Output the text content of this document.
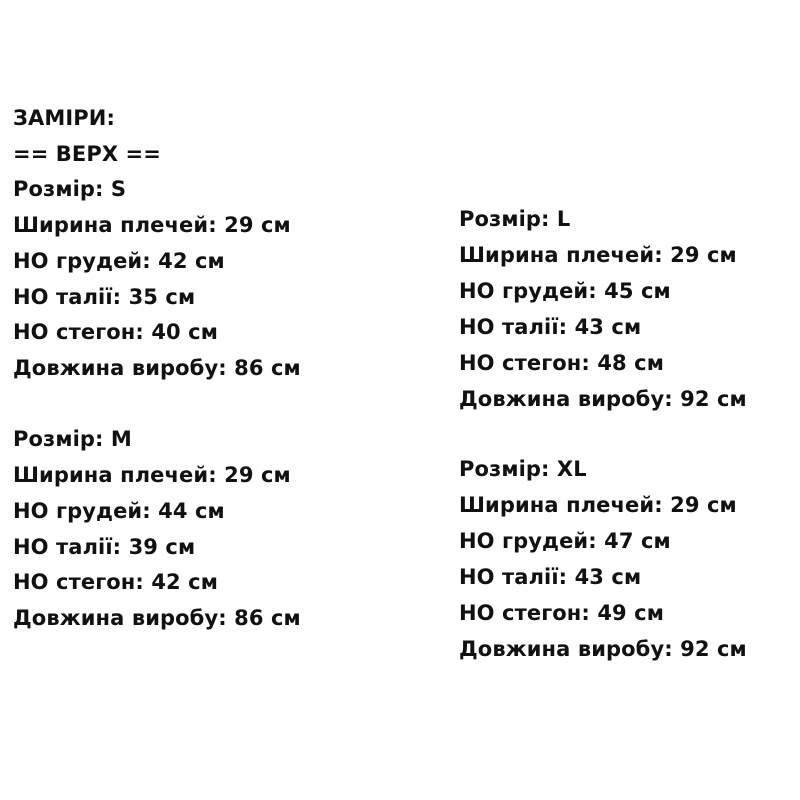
ЗАМІРИ:
== ВЕРХ ==
Розмір: S
Ширина плечей: 29 см
НО грудей: 42 см
НО талії: 35 см
НО стегон: 40 см
Довжина виробу: 86 см
Розмір: M
Ширина плечей: 29 см
НО грудей: 44 см
НО талії: 39 см
НО стегон: 42 см
Довжина виробу: 86 см
Розмір: L
Ширина плечей: 29 см
НО грудей: 45 см
НО талії: 43 см
НО стегон: 48 см
Довжина виробу: 92 см
Розмір: XL
Ширина плечей: 29 см
НО грудей: 47 см
НО талії: 43 см
НО стегон: 49 см
Довжина виробу: 92 см
